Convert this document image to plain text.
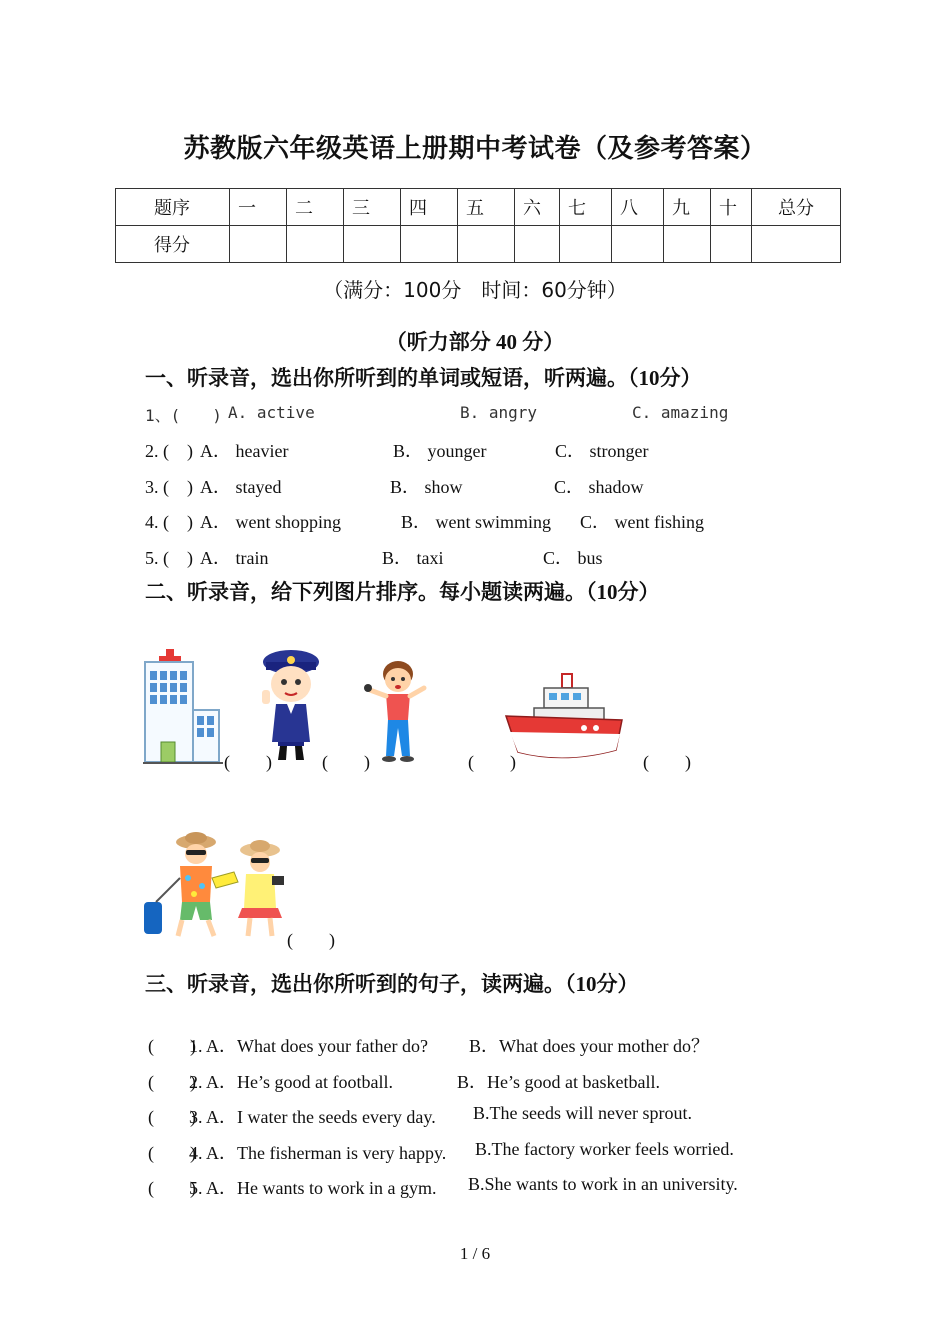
苏教版六年级英语上册期中考试卷（及参考答案）
题序	一	二	三	四	五	六	七	八	九	十	总分
得分											
（满分：100分　时间：60分钟）
（听力部分 40 分）
一、听录音，选出你所听到的单词或短语，听两遍。（10分）
1、(　　) A. active	B. angry	C. amazing
2. (　) A． heavier	B． younger	C． stronger
3. (　) A． stayed	B． show	C． shadow
4. (　) A． went shopping	B． went swimming C． went fishing
5. (　) A． train	B． taxi	C． bus
二、听录音，给下列图片排序。每小题读两遍。（10分）
(　　)	(　　)	(　　)	(　　)
(　　)
三、听录音，选出你所听到的句子，读两遍。（10分）
(　　)
1. A．What does your father do? B．What does your mother do？
(　　)
2. A．He’s good at football.	B．He’s good at basketball.
(　　)
3. A．I water the seeds every day. B.The seeds will never sprout.
(　　)
4. A．The fisherman is very happy. B.The factory worker feels worried.
(　　)
5. A．He wants to work in a gym. B.She wants to work in an university.
1 / 6
